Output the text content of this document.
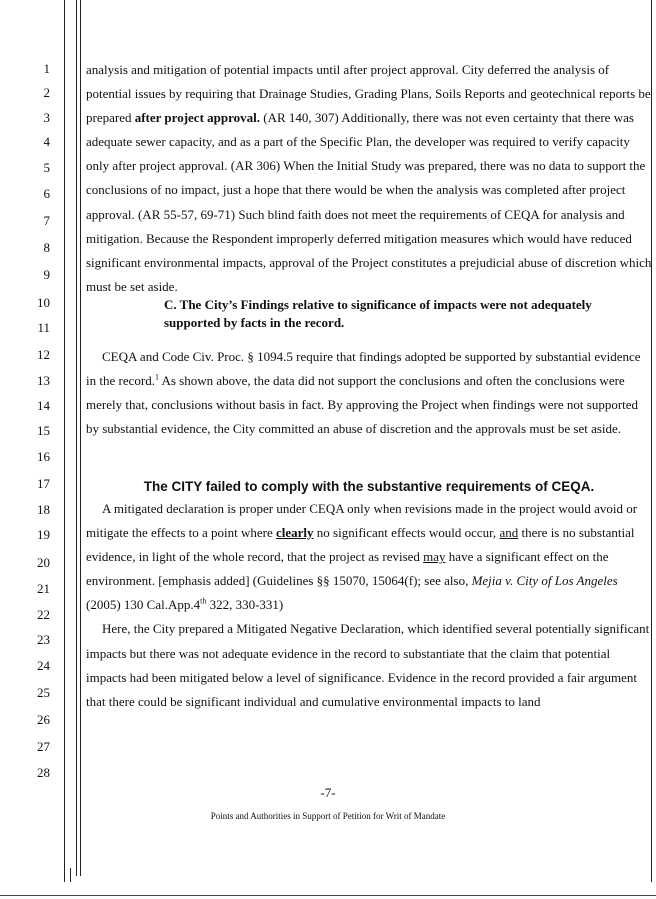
1
2
3
4
5
6
7
8
9
10
11
12
13
14
15
16
17
18
19
20
21
22
23
24
25
26
27
28

analysis and mitigation of potential impacts until after project approval. City deferred the analysis of potential issues by requiring that Drainage Studies, Grading Plans, Soils Reports and geotechnical reports be prepared after project approval. (AR 140, 307) Additionally, there was not even certainty that there was adequate sewer capacity, and as a part of the Specific Plan, the developer was required to verify capacity only after project approval. (AR 306) When the Initial Study was prepared, there was no data to support the conclusions of no impact, just a hope that there would be when the analysis was completed after project approval. (AR 55-57, 69-71) Such blind faith does not meet the requirements of CEQA for analysis and mitigation. Because the Respondent improperly deferred mitigation measures which would have reduced significant environmental impacts, approval of the Project constitutes a prejudicial abuse of discretion which must be set aside.

C. The City’s Findings relative to significance of impacts were not adequately supported by facts in the record.

CEQA and Code Civ. Proc. § 1094.5 require that findings adopted be supported by substantial evidence in the record.$^1$ As shown above, the data did not support the conclusions and often the conclusions were merely that, conclusions without basis in fact. By approving the Project when findings were not supported by substantial evidence, the City committed an abuse of discretion and the approvals must be set aside.

The CITY failed to comply with the substantive requirements of CEQA.

A mitigated declaration is proper under CEQA only when revisions made in the project would avoid or mitigate the effects to a point where clearly no significant effects would occur, and there is no substantial evidence, in light of the whole record, that the project as revised may have a significant effect on the environment. [emphasis added] (Guidelines §§ 15070, 15064(f); see also, Mejia v. City of Los Angeles (2005) 130 Cal.App.4th 322, 330-331)

Here, the City prepared a Mitigated Negative Declaration, which identified several potentially significant impacts but there was not adequate evidence in the record to substantiate that the claim that potential impacts had been mitigated below a level of significance. Evidence in the record provided a fair argument that there could be significant individual and cumulative environmental impacts to land

-7-
Points and Authorities in Support of Petition for Writ of Mandate
